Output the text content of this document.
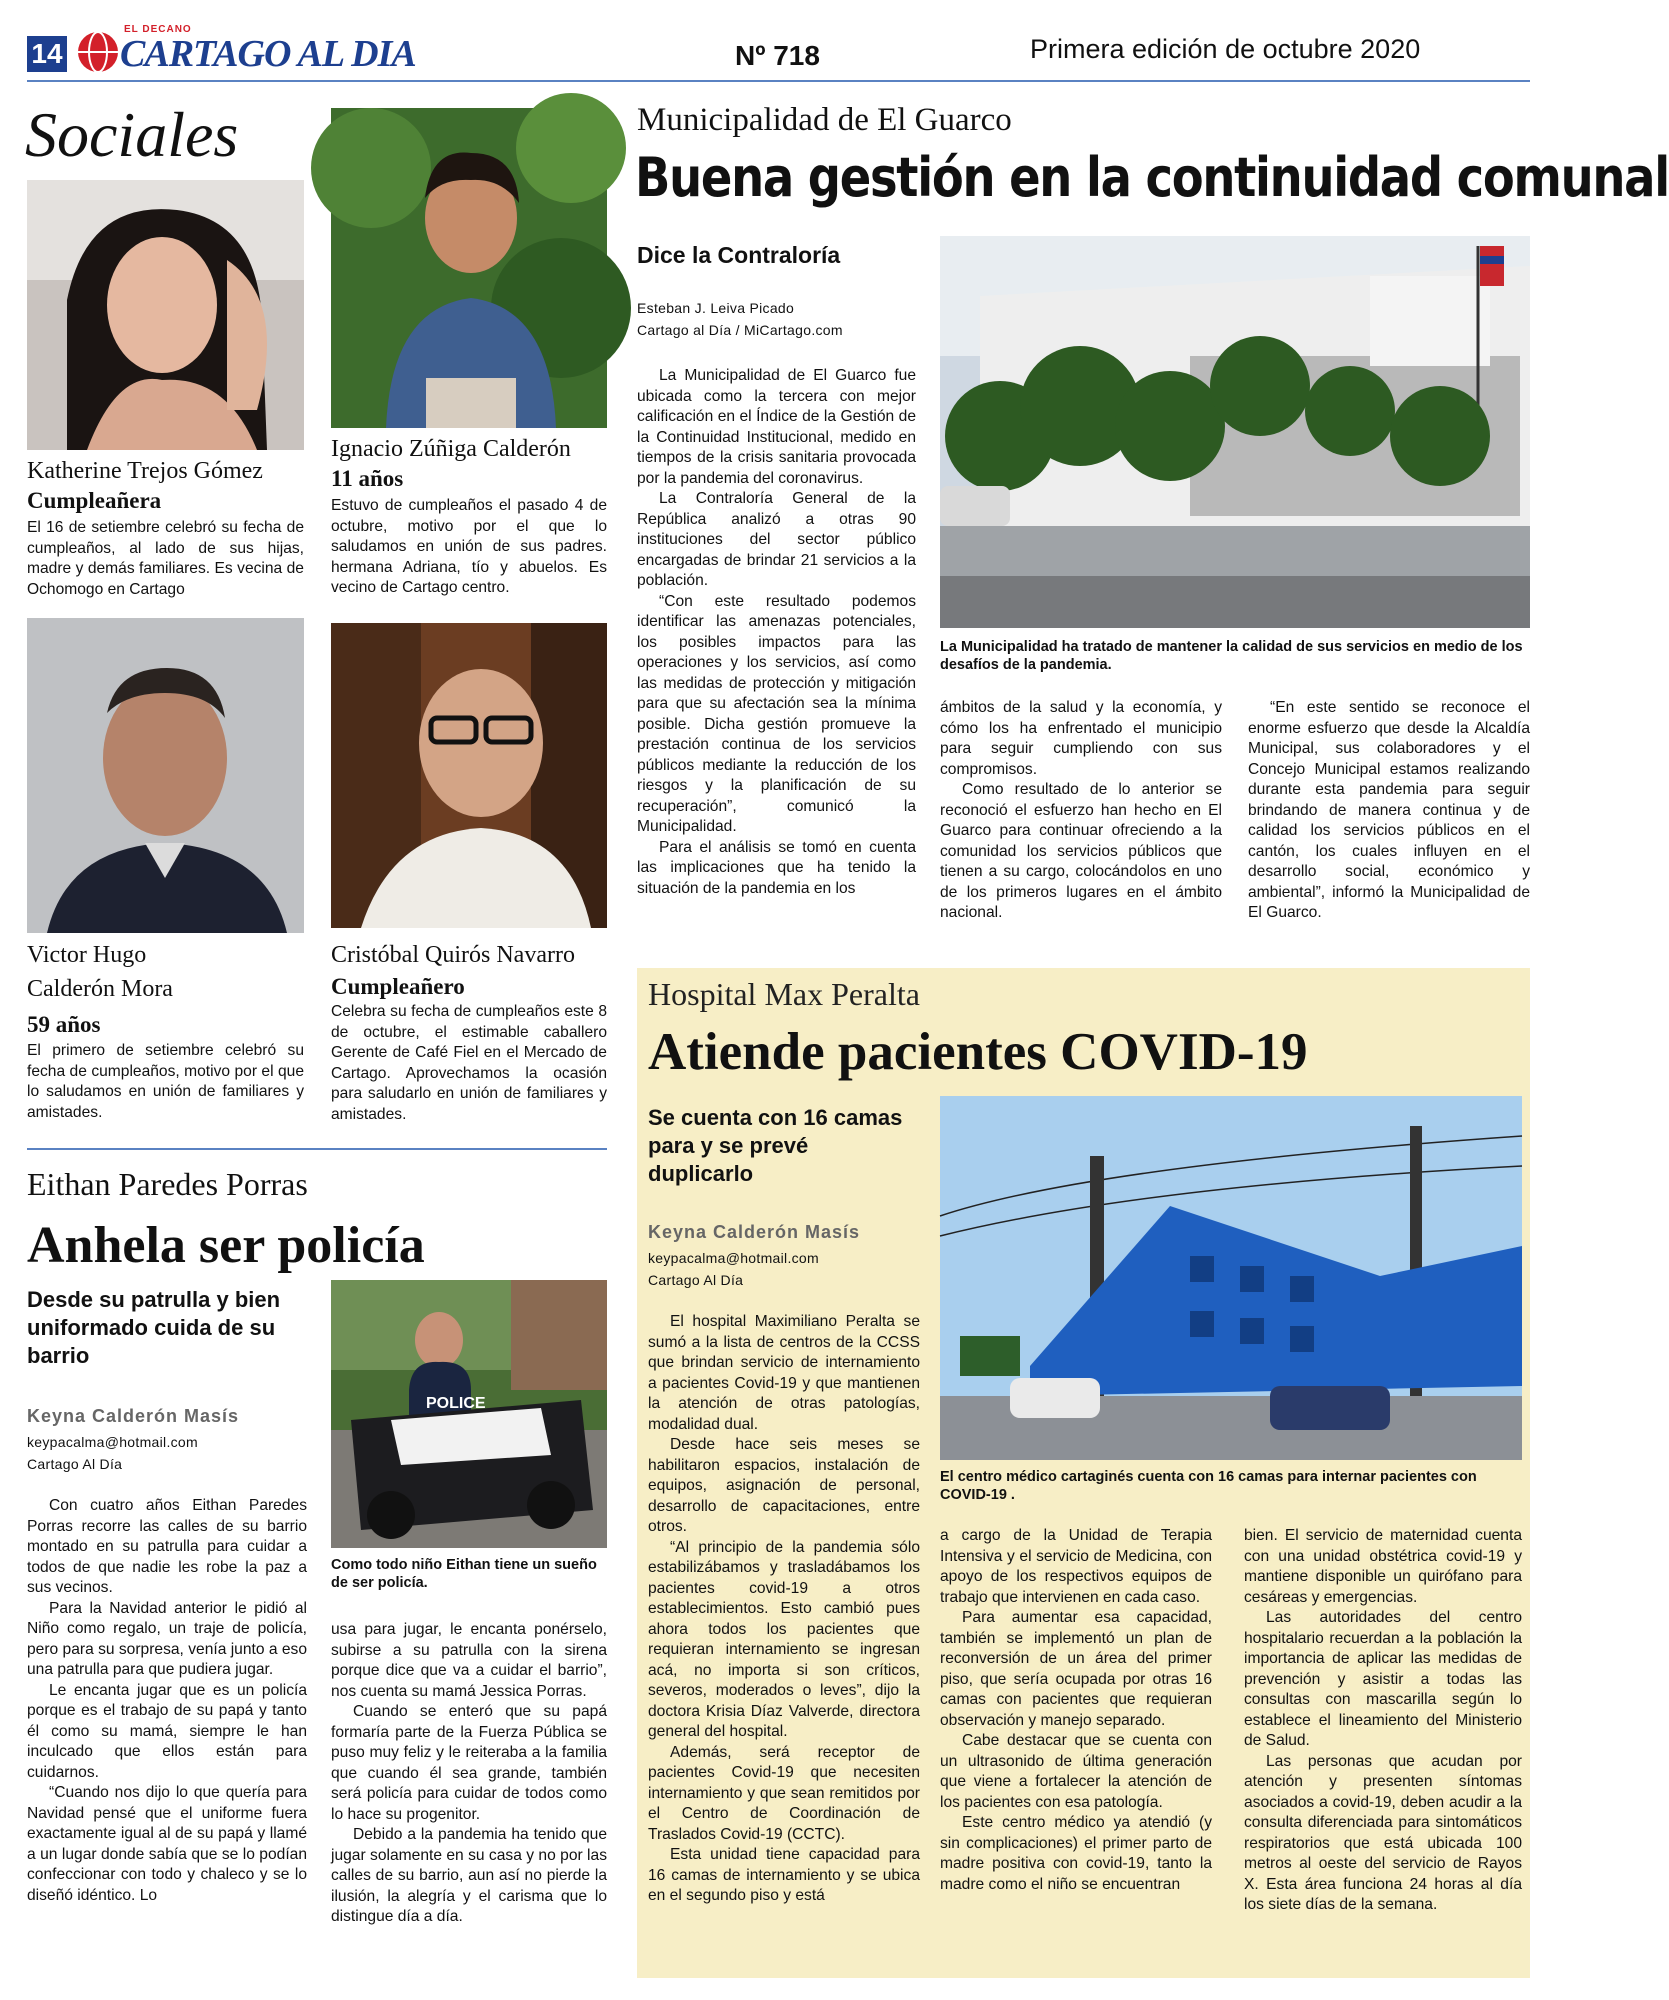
14
EL DECANO
CARTAGO AL DIA	Nº 718	Primera edición de octubre 2020
Sociales
Katherine Trejos Gómez
Cumpleañera
El 16 de setiembre celebró su fecha de cumpleaños, al lado de sus hijas, madre y demás familiares. Es vecina de Ochomogo en Cartago
Ignacio Zúñiga Calderón
11 años
Estuvo de cumpleaños el pasado 4 de octubre, motivo por el que lo saludamos en unión de sus padres. hermana Adriana, tío y abuelos. Es vecino de Cartago centro.
Victor Hugo
Calderón Mora
59 años
El primero de setiembre celebró su fecha de cumpleaños, motivo por el que lo saludamos en unión de familiares y amistades.
Cristóbal Quirós Navarro
Cumpleañero
Celebra su fecha de cumpleaños este 8 de octubre, el estimable caballero Gerente de Café Fiel en el Mercado de Cartago. Aprovechamos la ocasión para saludarlo en unión de familiares y amistades.
Municipalidad de El Guarco
Buena gestión en la continuidad comunal
Dice la Contraloría
Esteban J. Leiva Picado
Cartago al Día / MiCartago.com

La Municipalidad de El Guarco fue ubicada como la tercera con mejor calificación en el Índice de la Gestión de la Continuidad Institucional, medido en tiempos de la crisis sanitaria provocada por la pandemia del coronavirus.

La Contraloría General de la República analizó a otras 90 instituciones del sector público encargadas de brindar 21 servicios a la población.

“Con este resultado podemos identificar las amenazas potenciales, los posibles impactos para las operaciones y los servicios, así como las medidas de protección y mitigación para que su afectación sea la mínima posible. Dicha gestión promueve la prestación continua de los servicios públicos mediante la reducción de los riesgos y la planificación de su recuperación”, comunicó la Municipalidad.

Para el análisis se tomó en cuenta las implicaciones que ha tenido la situación de la pandemia en los

La Municipalidad ha tratado de mantener la calidad de sus servicios en medio de los desafíos de la pandemia.
ámbitos de la salud y la economía, y cómo los ha enfrentado el municipio para seguir cumpliendo con sus compromisos.

Como resultado de lo anterior se reconoció el esfuerzo han hecho en El Guarco para continuar ofreciendo a la comunidad los servicios públicos que tienen a su cargo, colocándolos en uno de los primeros lugares en el ámbito nacional.

“En este sentido se reconoce el enorme esfuerzo que desde la Alcaldía Municipal, sus colaboradores y el Concejo Municipal estamos realizando durante esta pandemia para seguir brindando de manera continua y de calidad los servicios públicos en el cantón, los cuales influyen en el desarrollo social, económico y ambiental”, informó la Municipalidad de El Guarco.

Eithan Paredes Porras
Anhela ser policía
Desde su patrulla y bien uniformado cuida de su barrio
Keyna Calderón Masís
keypacalma@hotmail.com
Cartago Al Día
POLICE
Como todo niño Eithan tiene un sueño de ser policía.

Con cuatro años Eithan Paredes Porras recorre las calles de su barrio montado en su patrulla para cuidar a todos de que nadie les robe la paz a sus vecinos.

Para la Navidad anterior le pidió al Niño como regalo, un traje de policía, pero para su sorpresa, venía junto a eso una patrulla para que pudiera jugar.

Le encanta jugar que es un policía porque es el trabajo de su papá y tanto él como su mamá, siempre le han inculcado que ellos están para cuidarnos.

“Cuando nos dijo lo que quería para Navidad pensé que el uniforme fuera exactamente igual al de su papá y llamé a un lugar donde sabía que se lo podían confeccionar con todo y chaleco y se lo diseñó idéntico. Lo

usa para jugar, le encanta ponérselo, subirse a su patrulla con la sirena porque dice que va a cuidar el barrio”, nos cuenta su mamá Jessica Porras.

Cuando se enteró que su papá formaría parte de la Fuerza Pública se puso muy feliz y le reiteraba a la familia que cuando él sea grande, también será policía para cuidar de todos como lo hace su progenitor.

Debido a la pandemia ha tenido que jugar solamente en su casa y no por las calles de su barrio, aun así no pierde la ilusión, la alegría y el carisma que lo distingue día a día.

Hospital Max Peralta
Atiende pacientes COVID-19
Se cuenta con 16 camas para y se prevé duplicarlo
Keyna Calderón Masís
keypacalma@hotmail.com
Cartago Al Día
El centro médico cartaginés cuenta con 16 camas para internar pacientes con COVID-19 .

El hospital Maximiliano Peralta se sumó a la lista de centros de la CCSS que brindan servicio de internamiento a pacientes Covid-19 y que mantienen la atención de otras patologías, modalidad dual.

Desde hace seis meses se habilitaron espacios, instalación de equipos, asignación de personal, desarrollo de capacitaciones, entre otros.

“Al principio de la pandemia sólo estabilizábamos y trasladábamos los pacientes covid-19 a otros establecimientos. Esto cambió pues ahora todos los pacientes que requieran internamiento se ingresan acá, no importa si son críticos, severos, moderados o leves”, dijo la doctora Krisia Díaz Valverde, directora general del hospital.

Además, será receptor de pacientes Covid-19 que necesiten internamiento y que sean remitidos por el Centro de Coordinación de Traslados Covid-19 (CCTC).

Esta unidad tiene capacidad para 16 camas de internamiento y se ubica en el segundo piso y está

a cargo de la Unidad de Terapia Intensiva y el servicio de Medicina, con apoyo de los respectivos equipos de trabajo que intervienen en cada caso.

Para aumentar esa capacidad, también se implementó un plan de reconversión de un área del primer piso, que sería ocupada por otras 16 camas con pacientes que requieran observación y manejo separado.

Cabe destacar que se cuenta con un ultrasonido de última generación que viene a fortalecer la atención de los pacientes con esa patología.

Este centro médico ya atendió (y sin complicaciones) el primer parto de madre positiva con covid-19, tanto la madre como el niño se encuentran

bien. El servicio de maternidad cuenta con una unidad obstétrica covid-19 y mantiene disponible un quirófano para cesáreas y emergencias.

Las autoridades del centro hospitalario recuerdan a la población la importancia de aplicar las medidas de prevención y asistir a todas las consultas con mascarilla según lo establece el lineamiento del Ministerio de Salud.

Las personas que acudan por atención y presenten síntomas asociados a covid-19, deben acudir a la consulta diferenciada para sintomáticos respiratorios que está ubicada 100 metros al oeste del servicio de Rayos X. Esta área funciona 24 horas al día los siete días de la semana.
